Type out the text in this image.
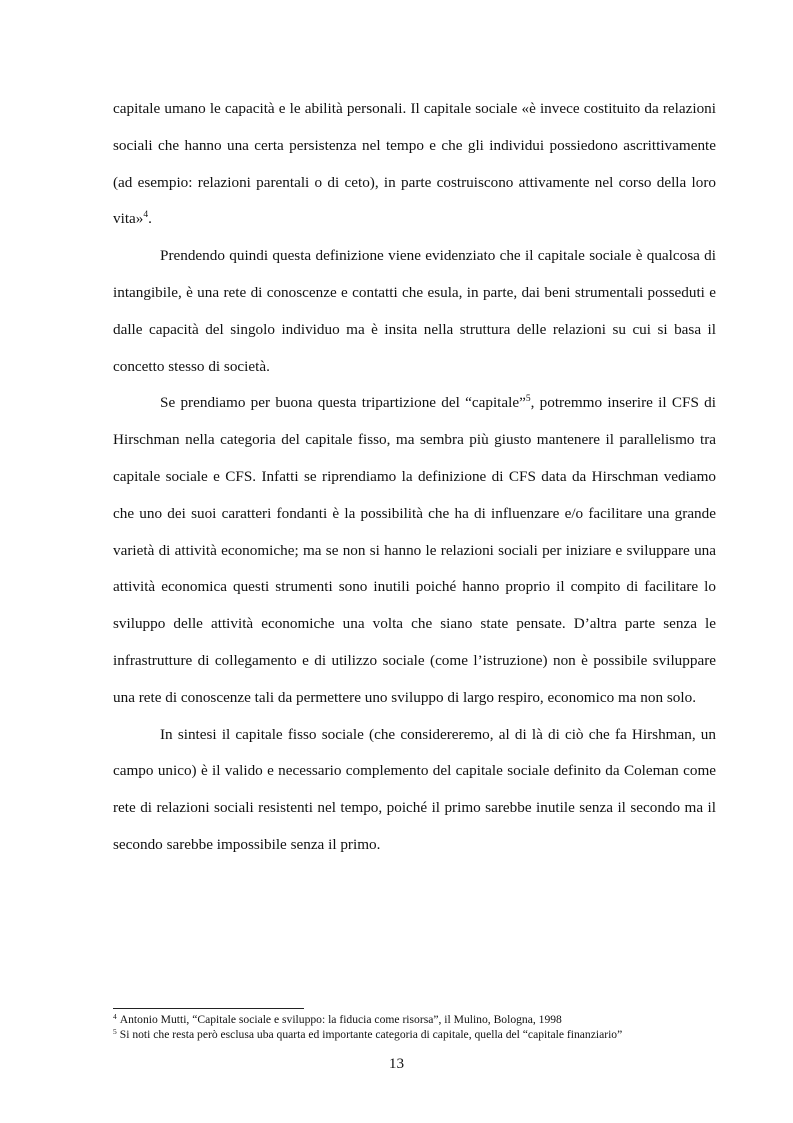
capitale umano le capacità e le abilità personali. Il capitale sociale «è invece costituito da relazioni sociali che hanno una certa persistenza nel tempo e che gli individui possiedono ascrittivamente (ad esempio: relazioni parentali o di ceto), in parte costruiscono attivamente nel corso della loro vita»$^4$.

Prendendo quindi questa definizione viene evidenziato che il capitale sociale è qualcosa di intangibile, è una rete di conoscenze e contatti che esula, in parte, dai beni strumentali posseduti e dalle capacità del singolo individuo ma è insita nella struttura delle relazioni su cui si basa il concetto stesso di società.

Se prendiamo per buona questa tripartizione del “capitale”$^5$, potremmo inserire il CFS di Hirschman nella categoria del capitale fisso, ma sembra più giusto mantenere il parallelismo tra capitale sociale e CFS. Infatti se riprendiamo la definizione di CFS data da Hirschman vediamo che uno dei suoi caratteri fondanti è la possibilità che ha di influenzare e/o facilitare una grande varietà di attività economiche; ma se non si hanno le relazioni sociali per iniziare e sviluppare una attività economica questi strumenti sono inutili poiché hanno proprio il compito di facilitare lo sviluppo delle attività economiche una volta che siano state pensate. D’altra parte senza le infrastrutture di collegamento e di utilizzo sociale (come l’istruzione) non è possibile sviluppare una rete di conoscenze tali da permettere uno sviluppo di largo respiro, economico ma non solo.

In sintesi il capitale fisso sociale (che considereremo, al di là di ciò che fa Hirshman, un campo unico) è il valido e necessario complemento del capitale sociale definito da Coleman come rete di relazioni sociali resistenti nel tempo, poiché il primo sarebbe inutile senza il secondo ma il secondo sarebbe impossibile senza il primo.

$^4$ Antonio Mutti, “Capitale sociale e sviluppo: la fiducia come risorsa”, il Mulino, Bologna, 1998

$^5$ Si noti che resta però esclusa uba quarta ed importante categoria di capitale, quella del “capitale finanziario”

13
